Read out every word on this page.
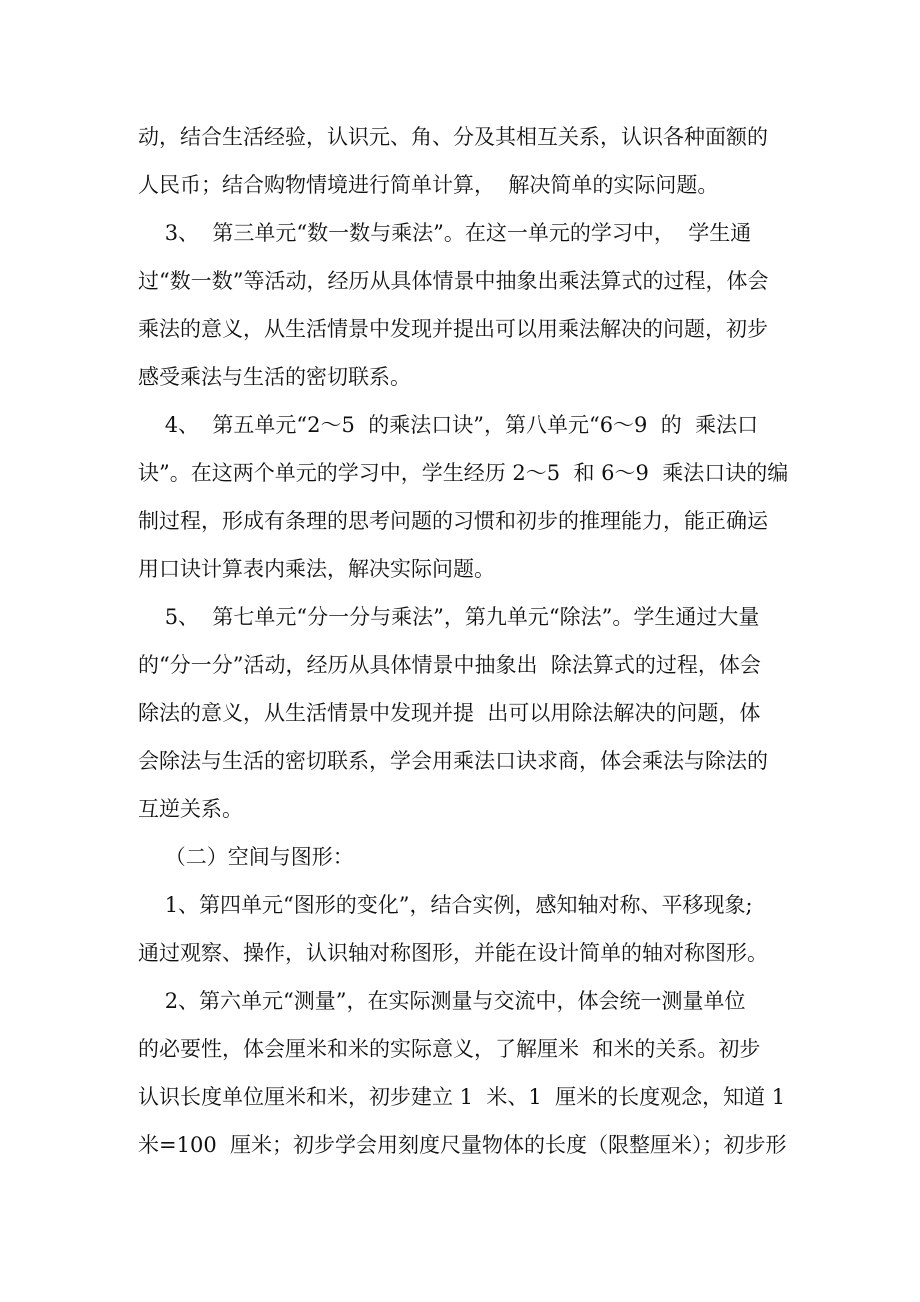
动，结合生活经验，认识元、角、分及其相互关系，认识各种面额的
人民币；结合购物情境进行简单计算，  解决简单的实际问题。
3、  第三单元“数一数与乘法”。在这一单元的学习中，  学生通
过“数一数”等活动，经历从具体情景中抽象出乘法算式的过程，体会
乘法的意义，从生活情景中发现并提出可以用乘法解决的问题，初步
感受乘法与生活的密切联系。
4、  第五单元“2～5  的乘法口诀”，第八单元“6～9  的  乘法口
诀”。在这两个单元的学习中，学生经历 2～5  和 6～9  乘法口诀的编
制过程，形成有条理的思考问题的习惯和初步的推理能力，能正确运
用口诀计算表内乘法，解决实际问题。
5、  第七单元“分一分与乘法”，第九单元“除法”。学生通过大量
的“分一分”活动，经历从具体情景中抽象出  除法算式的过程，体会
除法的意义，从生活情景中发现并提  出可以用除法解决的问题，体
会除法与生活的密切联系，学会用乘法口诀求商，体会乘法与除法的
互逆关系。
（二）空间与图形：
1、第四单元“图形的变化”，结合实例，感知轴对称、平移现象;
通过观察、操作，认识轴对称图形，并能在设计简单的轴对称图形。
2、第六单元“测量”，在实际测量与交流中，体会统一测量单位
的必要性，体会厘米和米的实际意义，了解厘米  和米的关系。初步
认识长度单位厘米和米，初步建立 1  米、1  厘米的长度观念，知道 1
米=100  厘米；初步学会用刻度尺量物体的长度（限整厘米）；初步形
